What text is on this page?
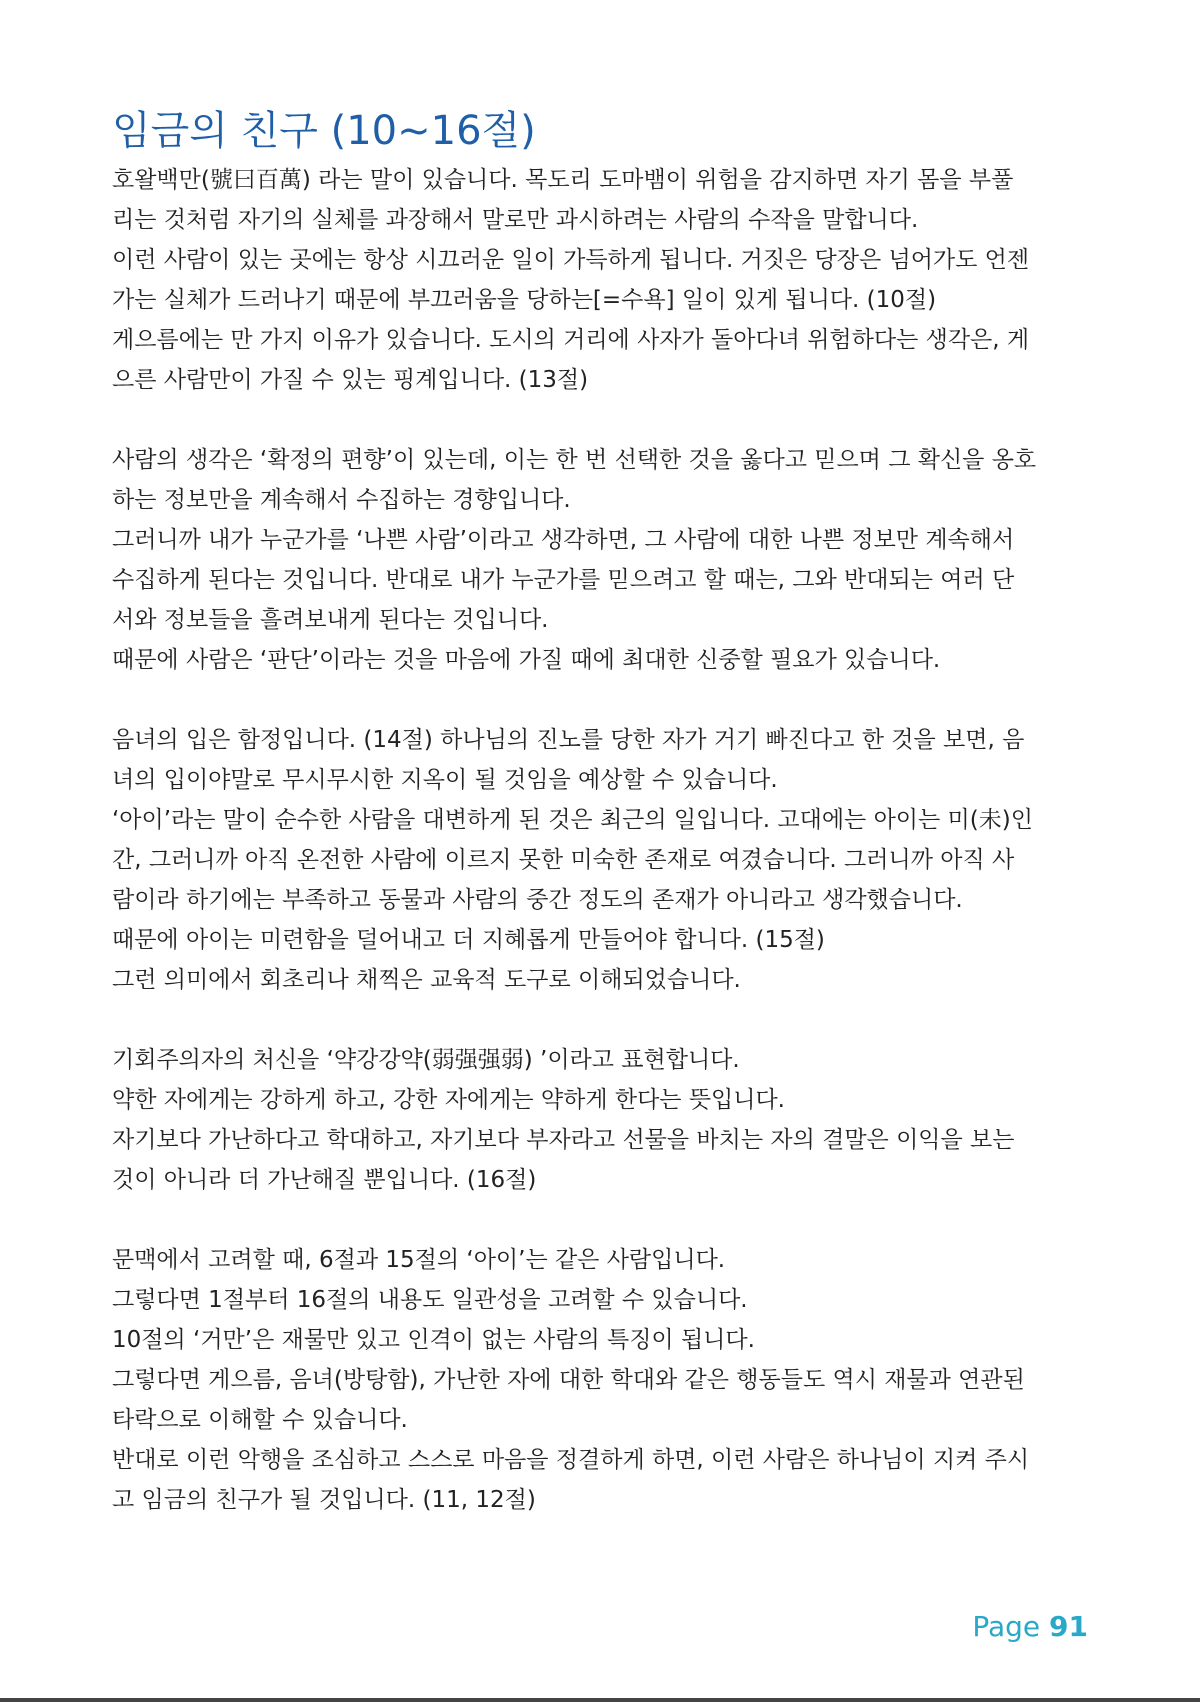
임금의 친구 (10~16절)

호왈백만(號曰百萬) 라는 말이 있습니다. 목도리 도마뱀이 위험을 감지하면 자기 몸을 부풀
리는 것처럼 자기의 실체를 과장해서 말로만 과시하려는 사람의 수작을 말합니다.

이런 사람이 있는 곳에는 항상 시끄러운 일이 가득하게 됩니다. 거짓은 당장은 넘어가도 언젠
가는 실체가 드러나기 때문에 부끄러움을 당하는[=수욕] 일이 있게 됩니다. (10절)

게으름에는 만 가지 이유가 있습니다. 도시의 거리에 사자가 돌아다녀 위험하다는 생각은, 게
으른 사람만이 가질 수 있는 핑계입니다. (13절)

사람의 생각은 ‘확정의 편향’이 있는데, 이는 한 번 선택한 것을 옳다고 믿으며 그 확신을 옹호
하는 정보만을 계속해서 수집하는 경향입니다.

그러니까 내가 누군가를 ‘나쁜 사람’이라고 생각하면, 그 사람에 대한 나쁜 정보만 계속해서
수집하게 된다는 것입니다. 반대로 내가 누군가를 믿으려고 할 때는, 그와 반대되는 여러 단
서와 정보들을 흘려보내게 된다는 것입니다.

때문에 사람은 ‘판단’이라는 것을 마음에 가질 때에 최대한 신중할 필요가 있습니다.

음녀의 입은 함정입니다. (14절) 하나님의 진노를 당한 자가 거기 빠진다고 한 것을 보면, 음
녀의 입이야말로 무시무시한 지옥이 될 것임을 예상할 수 있습니다.

‘아이’라는 말이 순수한 사람을 대변하게 된 것은 최근의 일입니다. 고대에는 아이는 미(未)인
간, 그러니까 아직 온전한 사람에 이르지 못한 미숙한 존재로 여겼습니다. 그러니까 아직 사
람이라 하기에는 부족하고 동물과 사람의 중간 정도의 존재가 아니라고 생각했습니다.

때문에 아이는 미련함을 덜어내고 더 지혜롭게 만들어야 합니다. (15절)

그런 의미에서 회초리나 채찍은 교육적 도구로 이해되었습니다.

기회주의자의 처신을 ‘약강강약(弱强强弱) ’이라고 표현합니다.

약한 자에게는 강하게 하고, 강한 자에게는 약하게 한다는 뜻입니다.

자기보다 가난하다고 학대하고, 자기보다 부자라고 선물을 바치는 자의 결말은 이익을 보는
것이 아니라 더 가난해질 뿐입니다. (16절)

문맥에서 고려할 때, 6절과 15절의 ‘아이’는 같은 사람입니다.

그렇다면 1절부터 16절의 내용도 일관성을 고려할 수 있습니다.

10절의 ‘거만’은 재물만 있고 인격이 없는 사람의 특징이 됩니다.

그렇다면 게으름, 음녀(방탕함), 가난한 자에 대한 학대와 같은 행동들도 역시 재물과 연관된
타락으로 이해할 수 있습니다.

반대로 이런 악행을 조심하고 스스로 마음을 정결하게 하면, 이런 사람은 하나님이 지켜 주시
고 임금의 친구가 될 것입니다. (11, 12절)

Page 91
